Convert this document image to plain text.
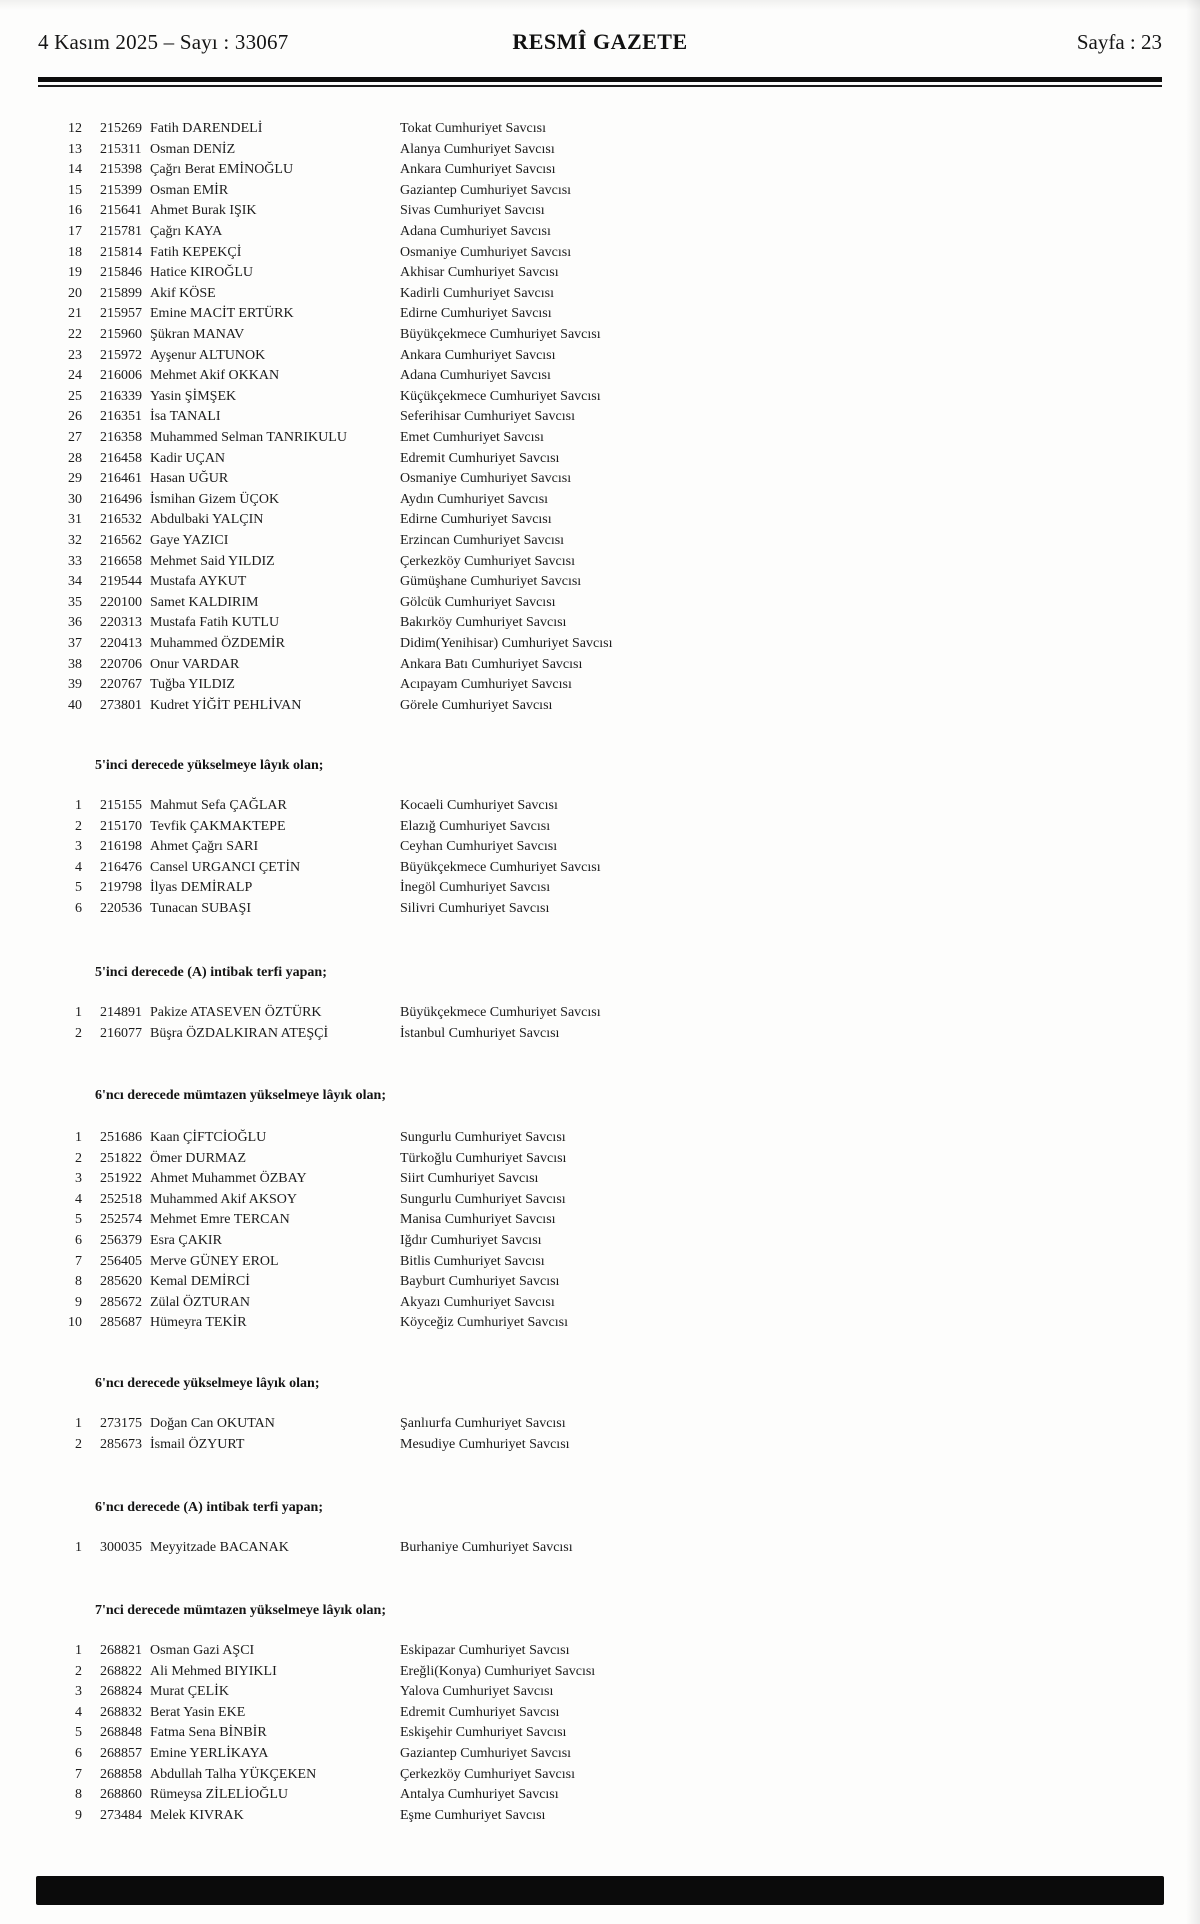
4 Kasım 2025 – Sayı : 33067	RESMÎ GAZETE	Sayfa : 23
12 215269 Fatih DARENDELİ	Tokat Cumhuriyet Savcısı
13 215311 Osman DENİZ	Alanya Cumhuriyet Savcısı
14 215398 Çağrı Berat EMİNOĞLU	Ankara Cumhuriyet Savcısı
15 215399 Osman EMİR	Gaziantep Cumhuriyet Savcısı
16 215641 Ahmet Burak IŞIK	Sivas Cumhuriyet Savcısı
17 215781 Çağrı KAYA	Adana Cumhuriyet Savcısı
18 215814 Fatih KEPEKÇİ	Osmaniye Cumhuriyet Savcısı
19 215846 Hatice KIROĞLU	Akhisar Cumhuriyet Savcısı
20 215899 Akif KÖSE	Kadirli Cumhuriyet Savcısı
21 215957 Emine MACİT ERTÜRK	Edirne Cumhuriyet Savcısı
22 215960 Şükran MANAV	Büyükçekmece Cumhuriyet Savcısı
23 215972 Ayşenur ALTUNOK	Ankara Cumhuriyet Savcısı
24 216006 Mehmet Akif OKKAN	Adana Cumhuriyet Savcısı
25 216339 Yasin ŞİMŞEK	Küçükçekmece Cumhuriyet Savcısı
26 216351 İsa TANALI	Seferihisar Cumhuriyet Savcısı
27 216358 Muhammed Selman TANRIKULU	Emet Cumhuriyet Savcısı
28 216458 Kadir UÇAN	Edremit Cumhuriyet Savcısı
29 216461 Hasan UĞUR	Osmaniye Cumhuriyet Savcısı
30 216496 İsmihan Gizem ÜÇOK	Aydın Cumhuriyet Savcısı
31 216532 Abdulbaki YALÇIN	Edirne Cumhuriyet Savcısı
32 216562 Gaye YAZICI	Erzincan Cumhuriyet Savcısı
33 216658 Mehmet Said YILDIZ	Çerkezköy Cumhuriyet Savcısı
34 219544 Mustafa AYKUT	Gümüşhane Cumhuriyet Savcısı
35 220100 Samet KALDIRIM	Gölcük Cumhuriyet Savcısı
36 220313 Mustafa Fatih KUTLU	Bakırköy Cumhuriyet Savcısı
37 220413 Muhammed ÖZDEMİR	Didim(Yenihisar) Cumhuriyet Savcısı
38 220706 Onur VARDAR	Ankara Batı Cumhuriyet Savcısı
39 220767 Tuğba YILDIZ	Acıpayam Cumhuriyet Savcısı
40 273801 Kudret YİĞİT PEHLİVAN	Görele Cumhuriyet Savcısı
5'inci derecede yükselmeye lâyık olan;
1 215155 Mahmut Sefa ÇAĞLAR	Kocaeli Cumhuriyet Savcısı
2 215170 Tevfik ÇAKMAKTEPE	Elazığ Cumhuriyet Savcısı
3 216198 Ahmet Çağrı SARI	Ceyhan Cumhuriyet Savcısı
4 216476 Cansel URGANCI ÇETİN	Büyükçekmece Cumhuriyet Savcısı
5 219798 İlyas DEMİRALP	İnegöl Cumhuriyet Savcısı
6 220536 Tunacan SUBAŞI	Silivri Cumhuriyet Savcısı
5'inci derecede (A) intibak terfi yapan;
1 214891 Pakize ATASEVEN ÖZTÜRK	Büyükçekmece Cumhuriyet Savcısı
2 216077 Büşra ÖZDALKIRAN ATEŞÇİ	İstanbul Cumhuriyet Savcısı
6'ncı derecede mümtazen yükselmeye lâyık olan;
1 251686 Kaan ÇİFTCİOĞLU	Sungurlu Cumhuriyet Savcısı
2 251822 Ömer DURMAZ	Türkoğlu Cumhuriyet Savcısı
3 251922 Ahmet Muhammet ÖZBAY	Siirt Cumhuriyet Savcısı
4 252518 Muhammed Akif AKSOY	Sungurlu Cumhuriyet Savcısı
5 252574 Mehmet Emre TERCAN	Manisa Cumhuriyet Savcısı
6 256379 Esra ÇAKIR	Iğdır Cumhuriyet Savcısı
7 256405 Merve GÜNEY EROL	Bitlis Cumhuriyet Savcısı
8 285620 Kemal DEMİRCİ	Bayburt Cumhuriyet Savcısı
9 285672 Zülal ÖZTURAN	Akyazı Cumhuriyet Savcısı
10 285687 Hümeyra TEKİR	Köyceğiz Cumhuriyet Savcısı
6'ncı derecede yükselmeye lâyık olan;
1 273175 Doğan Can OKUTAN	Şanlıurfa Cumhuriyet Savcısı
2 285673 İsmail ÖZYURT	Mesudiye Cumhuriyet Savcısı
6'ncı derecede (A) intibak terfi yapan;
1 300035 Meyyitzade BACANAK	Burhaniye Cumhuriyet Savcısı
7'nci derecede mümtazen yükselmeye lâyık olan;
1 268821 Osman Gazi AŞCI	Eskipazar Cumhuriyet Savcısı
2 268822 Ali Mehmed BIYIKLI	Ereğli(Konya) Cumhuriyet Savcısı
3 268824 Murat ÇELİK	Yalova Cumhuriyet Savcısı
4 268832 Berat Yasin EKE	Edremit Cumhuriyet Savcısı
5 268848 Fatma Sena BİNBİR	Eskişehir Cumhuriyet Savcısı
6 268857 Emine YERLİKAYA	Gaziantep Cumhuriyet Savcısı
7 268858 Abdullah Talha YÜKÇEKEN	Çerkezköy Cumhuriyet Savcısı
8 268860 Rümeysa ZİLELİOĞLU	Antalya Cumhuriyet Savcısı
9 273484 Melek KIVRAK	Eşme Cumhuriyet Savcısı
